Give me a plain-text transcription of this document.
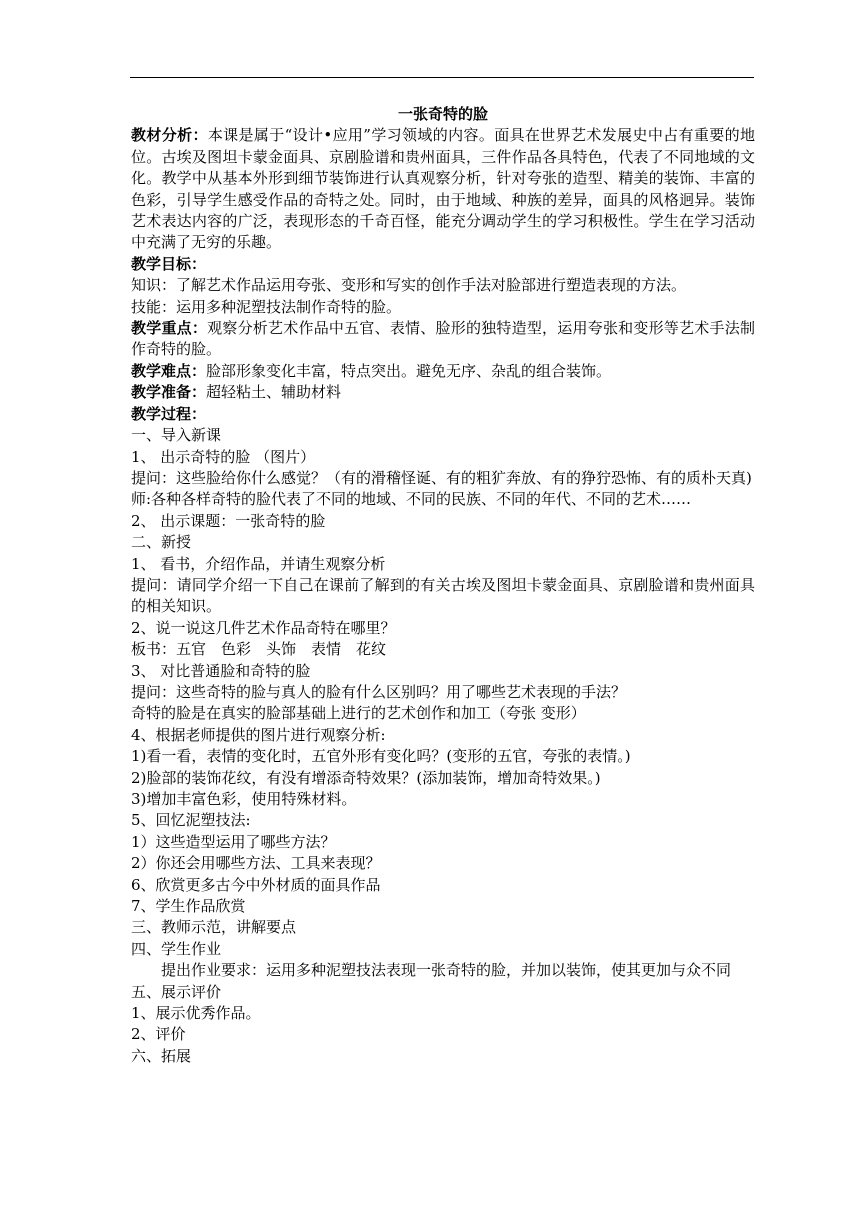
一张奇特的脸

教材分析：本课是属于“设计•应用”学习领域的内容。面具在世界艺术发展史中占有重要的地位。古埃及图坦卡蒙金面具、京剧脸谱和贵州面具，三件作品各具特色，代表了不同地域的文化。教学中从基本外形到细节装饰进行认真观察分析，针对夸张的造型、精美的装饰、丰富的色彩，引导学生感受作品的奇特之处。同时，由于地域、种族的差异，面具的风格迥异。装饰艺术表达内容的广泛，表现形态的千奇百怪，能充分调动学生的学习积极性。学生在学习活动中充满了无穷的乐趣。

教学目标：

知识：了解艺术作品运用夸张、变形和写实的创作手法对脸部进行塑造表现的方法。

技能：运用多种泥塑技法制作奇特的脸。

教学重点：观察分析艺术作品中五官、表情、脸形的独特造型，运用夸张和变形等艺术手法制作奇特的脸。

教学难点：脸部形象变化丰富，特点突出。避免无序、杂乱的组合装饰。

教学准备：超轻粘土、辅助材料

教学过程：

一、导入新课

1、 出示奇特的脸 （图片）

提问：这些脸给你什么感觉？（有的滑稽怪诞、有的粗犷奔放、有的狰狞恐怖、有的质朴天真)

师:各种各样奇特的脸代表了不同的地域、不同的民族、不同的年代、不同的艺术……

2、 出示课题：一张奇特的脸

二、新授

1、 看书，介绍作品，并请生观察分析

提问：请同学介绍一下自己在课前了解到的有关古埃及图坦卡蒙金面具、京剧脸谱和贵州面具的相关知识。

2、说一说这几件艺术作品奇特在哪里？

板书：五官　色彩　头饰　表情　花纹

3、 对比普通脸和奇特的脸

提问：这些奇特的脸与真人的脸有什么区别吗？用了哪些艺术表现的手法？

奇特的脸是在真实的脸部基础上进行的艺术创作和加工（夸张 变形）

4、根据老师提供的图片进行观察分析:

1)看一看，表情的变化时，五官外形有变化吗？(变形的五官，夸张的表情。)

2)脸部的装饰花纹，有没有增添奇特效果？(添加装饰，增加奇特效果。)

3)增加丰富色彩，使用特殊材料。

5、回忆泥塑技法:

1）这些造型运用了哪些方法？

2）你还会用哪些方法、工具来表现？

6、欣赏更多古今中外材质的面具作品

7、学生作品欣赏

三、教师示范，讲解要点

四、学生作业

提出作业要求：运用多种泥塑技法表现一张奇特的脸，并加以装饰，使其更加与众不同

五、展示评价

1、展示优秀作品。

2、评价

六、拓展
